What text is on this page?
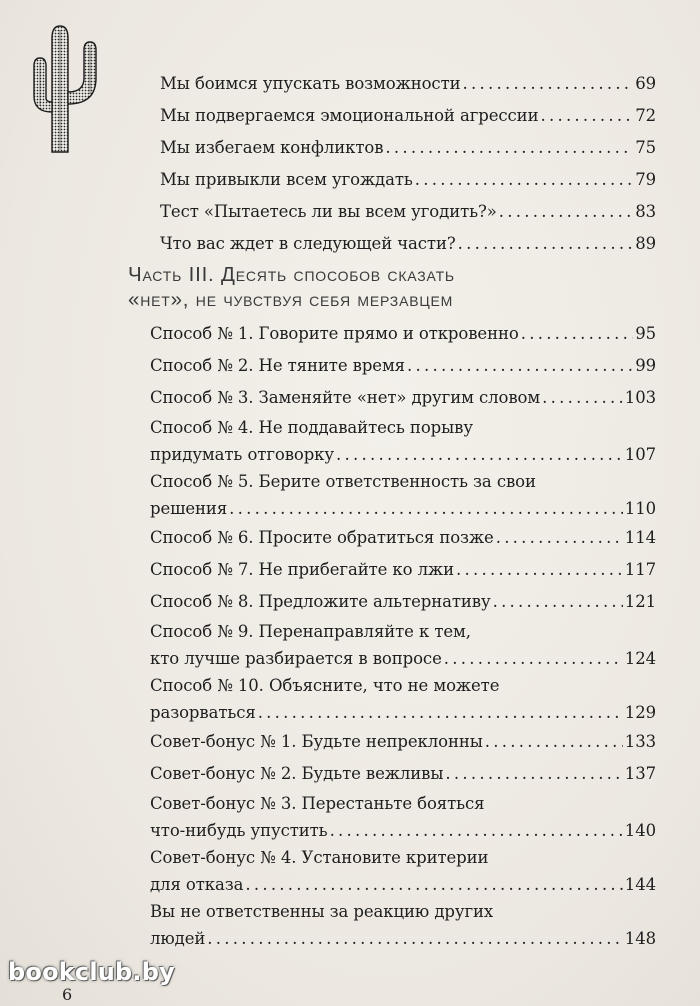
Мы боимся упускать возможности . . .	69
Мы подвергаемся эмоциональной агрессии . . .	72
Мы избегаем конфликтов . . .	75
Мы привыкли всем угождать . . .	79
Тест «Пытаетесь ли вы всем угодить?» . . .	83
Что вас ждет в следующей части? . . .	89
Часть III. Десять способов сказать
«нет», не чувствуя себя мерзавцем
Способ № 1. Говорите прямо и откровенно . . .	95
Способ № 2. Не тяните время . . .	99
Способ № 3. Заменяйте «нет» другим словом . . .	103
Способ № 4. Не поддавайтесь порыву
придумать отговорку . . .	107
Способ № 5. Берите ответственность за свои
решения . . .	110
Способ № 6. Просите обратиться позже . . .	114
Способ № 7. Не прибегайте ко лжи . . .	117
Способ № 8. Предложите альтернативу . . .	121
Способ № 9. Перенаправляйте к тем,
кто лучше разбирается в вопросе . . .	124
Способ № 10. Объясните, что не можете
разорваться . . .	129
Совет-бонус № 1. Будьте непреклонны . . .	133
Совет-бонус № 2. Будьте вежливы . . .	137
Совет-бонус № 3. Перестаньте бояться
что-нибудь упустить . . .	140
Совет-бонус № 4. Установите критерии
для отказа . . .	144
Вы не ответственны за реакцию других
людей . . .	148
bookclub.by
6
